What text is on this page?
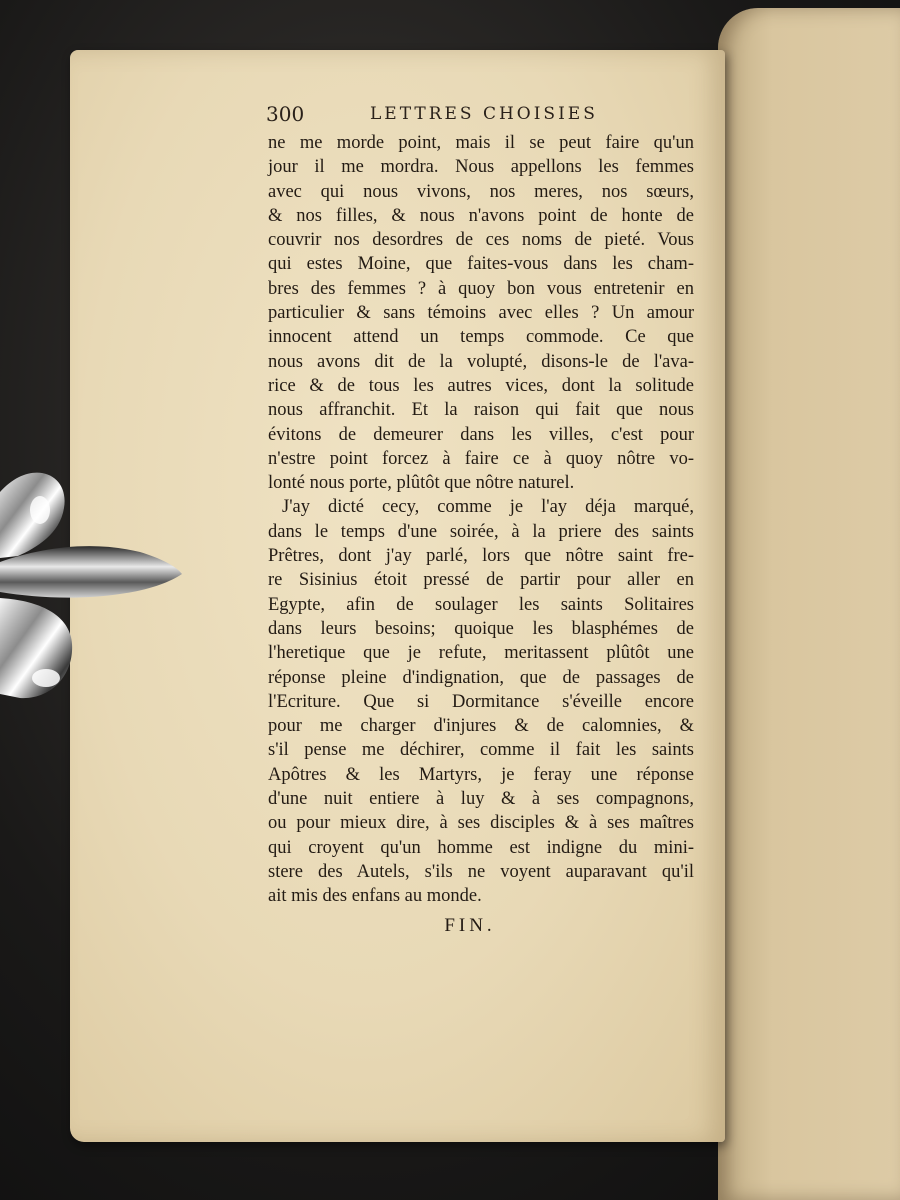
300	LETTRES CHOISIES
ne me morde point, mais il se peut faire qu'un
jour il me mordra. Nous appellons les femmes
avec qui nous vivons, nos meres, nos sœurs,
& nos filles, & nous n'avons point de honte de
couvrir nos desordres de ces noms de pieté. Vous
qui estes Moine, que faites-vous dans les cham-
bres des femmes ? à quoy bon vous entretenir en
particulier & sans témoins avec elles ? Un amour
innocent attend un temps commode. Ce que
nous avons dit de la volupté, disons-le de l'ava-
rice & de tous les autres vices, dont la solitude
nous affranchit. Et la raison qui fait que nous
évitons de demeurer dans les villes, c'est pour
n'estre point forcez à faire ce à quoy nôtre vo-
lonté nous porte, plûtôt que nôtre naturel.
J'ay dicté cecy, comme je l'ay déja marqué,
dans le temps d'une soirée, à la priere des saints
Prêtres, dont j'ay parlé, lors que nôtre saint fre-
re Sisinius étoit pressé de partir pour aller en
Egypte, afin de soulager les saints Solitaires
dans leurs besoins; quoique les blasphémes de
l'heretique que je refute, meritassent plûtôt une
réponse pleine d'indignation, que de passages de
l'Ecriture. Que si Dormitance s'éveille encore
pour me charger d'injures & de calomnies, &
s'il pense me déchirer, comme il fait les saints
Apôtres & les Martyrs, je feray une réponse
d'une nuit entiere à luy & à ses compagnons,
ou pour mieux dire, à ses disciples & à ses maîtres
qui croyent qu'un homme est indigne du mini-
stere des Autels, s'ils ne voyent auparavant qu'il
ait mis des enfans au monde.
FIN.
